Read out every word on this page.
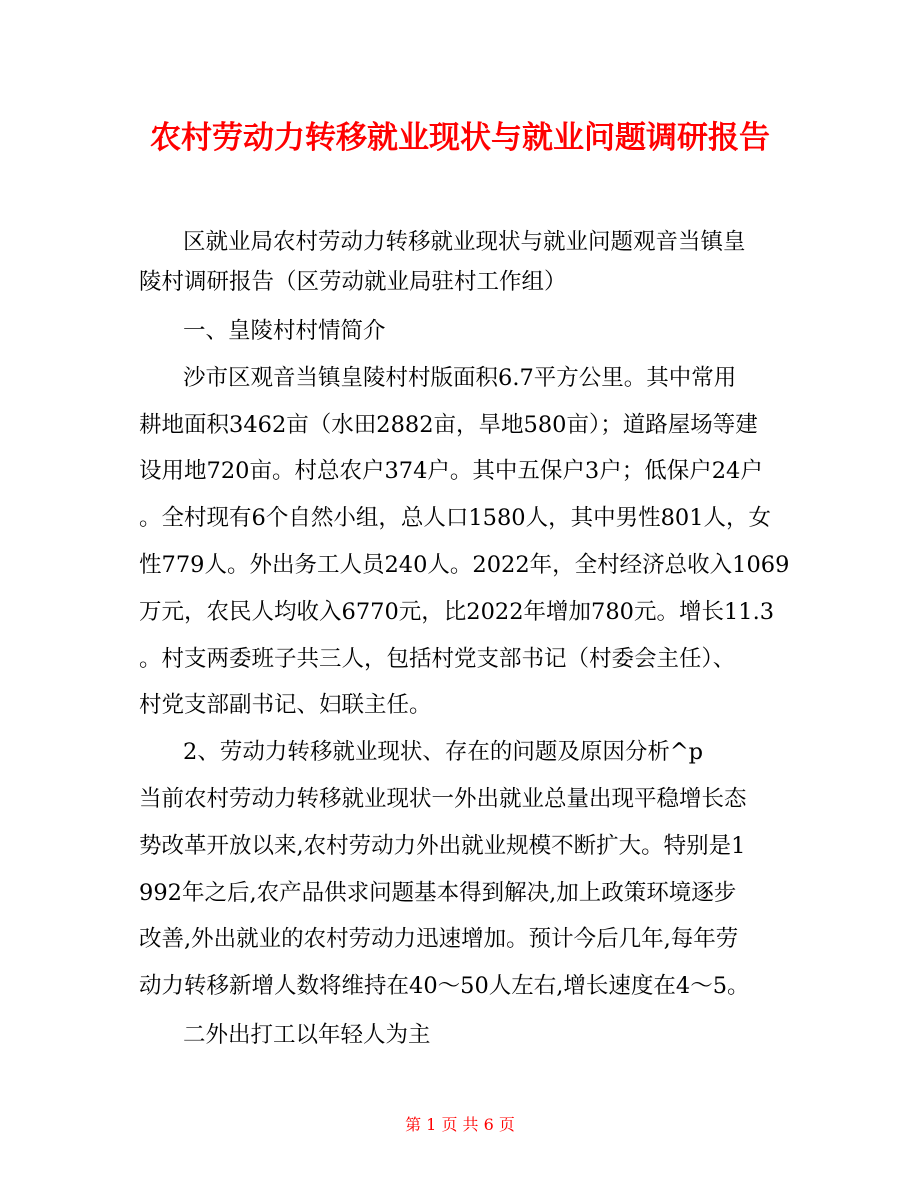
农村劳动力转移就业现状与就业问题调研报告

区就业局农村劳动力转移就业现状与就业问题观音当镇皇

陵村调研报告（区劳动就业局驻村工作组）

一、皇陵村村情简介

沙市区观音当镇皇陵村村版面积6.7平方公里。其中常用

耕地面积3462亩（水田2882亩，旱地580亩）；道路屋场等建

设用地720亩。村总农户374户。其中五保户3户；低保户24户

。全村现有6个自然小组，总人口1580人，其中男性801人，女

性779人。外出务工人员240人。2022年，全村经济总收入1069

万元，农民人均收入6770元，比2022年增加780元。增长11.3

。村支两委班子共三人，包括村党支部书记（村委会主任）、

村党支部副书记、妇联主任。

2、劳动力转移就业现状、存在的问题及原因分析^p

当前农村劳动力转移就业现状一外出就业总量出现平稳增长态

势改革开放以来,农村劳动力外出就业规模不断扩大。特别是1

992年之后,农产品供求问题基本得到解决,加上政策环境逐步

改善,外出就业的农村劳动力迅速增加。预计今后几年,每年劳

动力转移新增人数将维持在40～50人左右,增长速度在4～5。

二外出打工以年轻人为主

第 1 页 共 6 页
